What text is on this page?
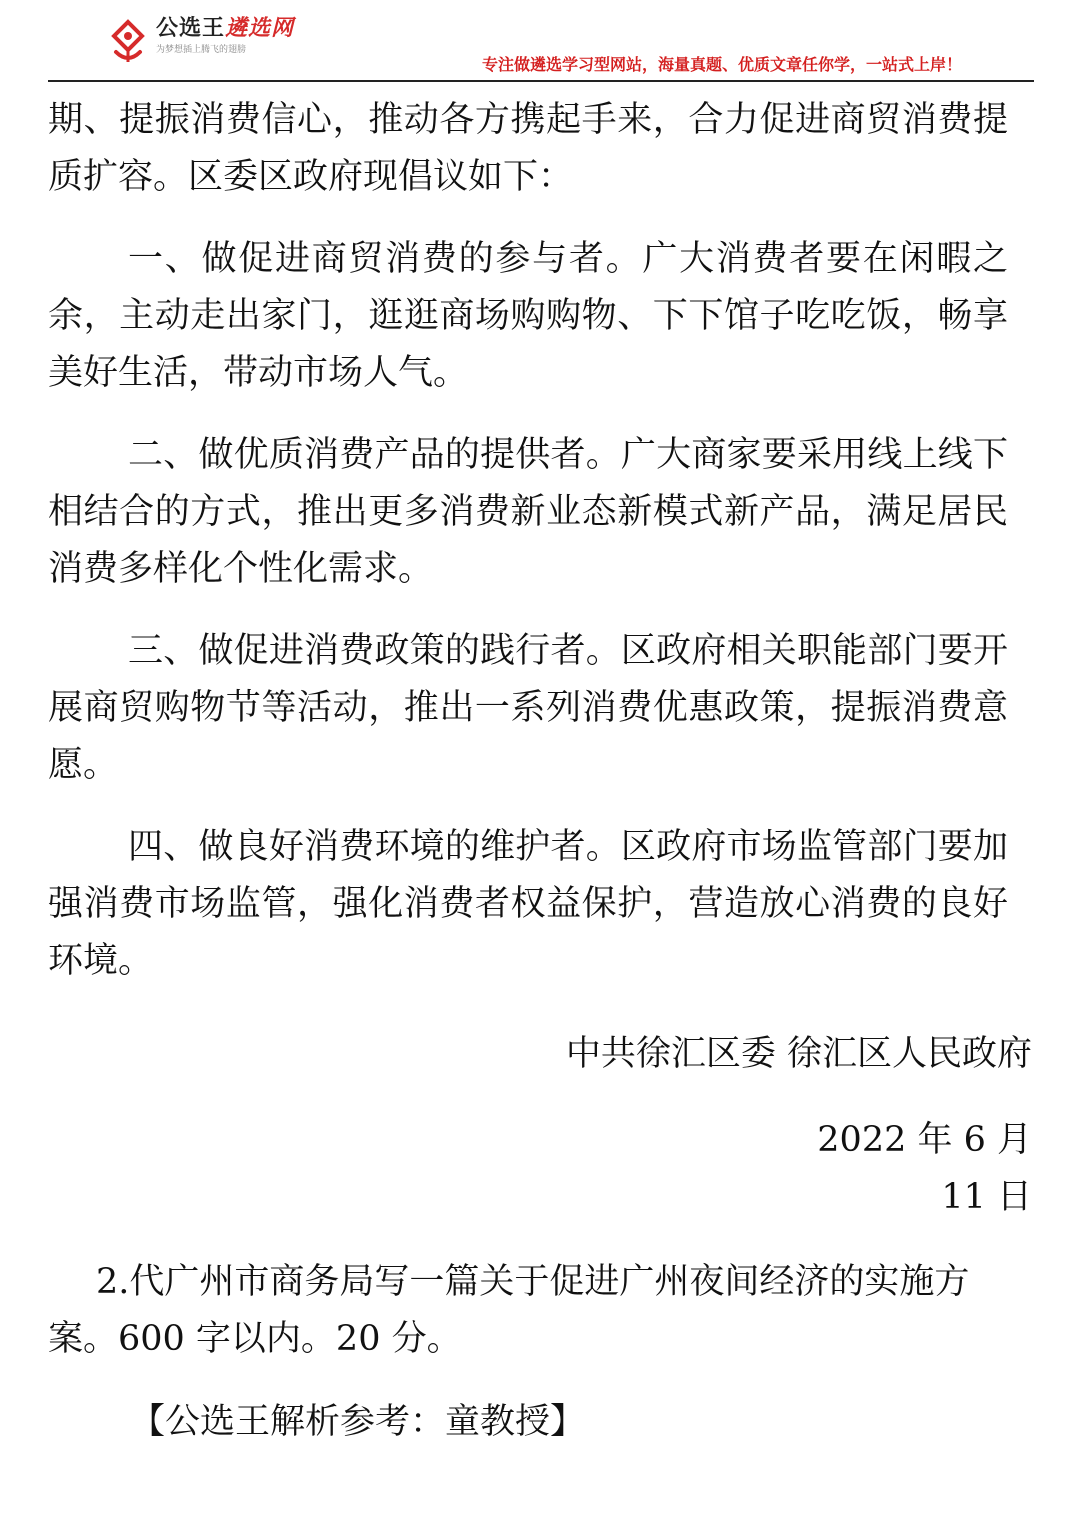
公选王遴选网
为梦想插上腾飞的翅膀
专注做遴选学习型网站，海量真题、优质文章任你学，一站式上岸！

期、提振消费信心，推动各方携起手来，合力促进商贸消费提质扩容。区委区政府现倡议如下：

一、做促进商贸消费的参与者。广大消费者要在闲暇之余，主动走出家门，逛逛商场购购物、下下馆子吃吃饭，畅享美好生活，带动市场人气。

二、做优质消费产品的提供者。广大商家要采用线上线下相结合的方式，推出更多消费新业态新模式新产品，满足居民消费多样化个性化需求。

三、做促进消费政策的践行者。区政府相关职能部门要开展商贸购物节等活动，推出一系列消费优惠政策，提振消费意愿。

四、做良好消费环境的维护者。区政府市场监管部门要加强消费市场监管，强化消费者权益保护，营造放心消费的良好环境。

中共徐汇区委 徐汇区人民政府
2022 年 6 月 11 日

2.代广州市商务局写一篇关于促进广州夜间经济的实施方案。600 字以内。20 分。

【公选王解析参考：童教授】
